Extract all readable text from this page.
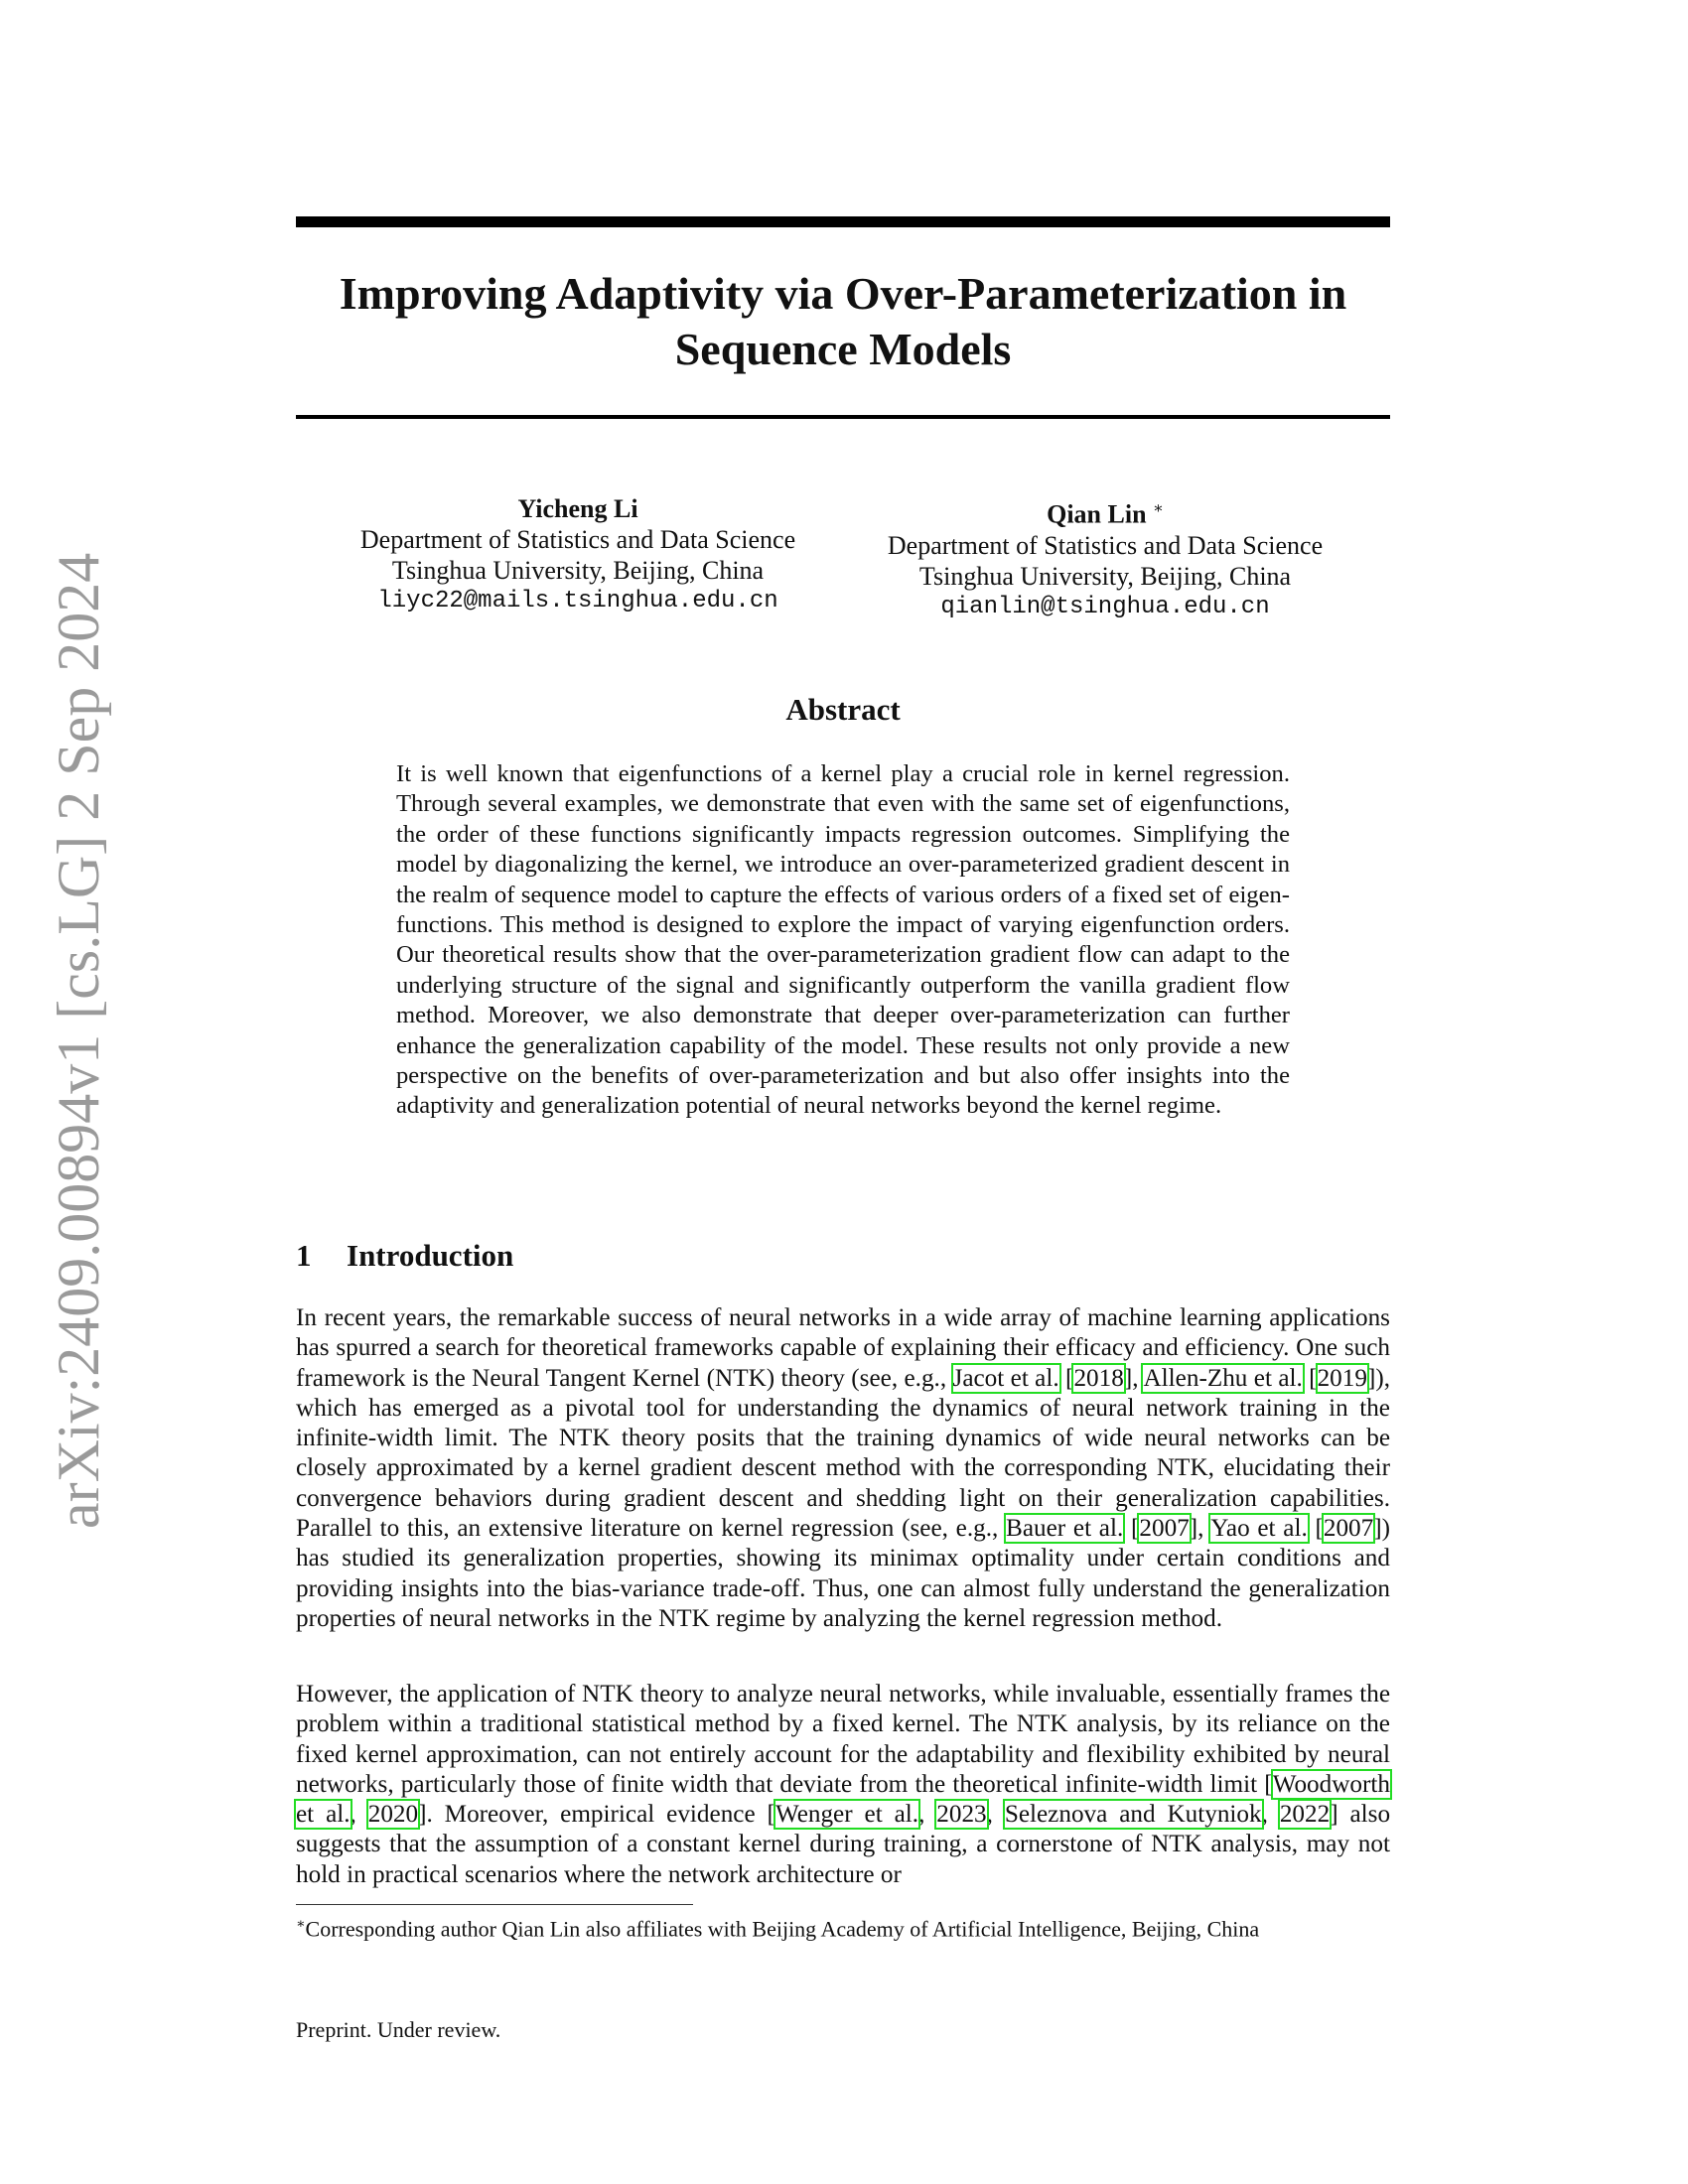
arXiv:2409.00894v1 [cs.LG] 2 Sep 2024
Improving Adaptivity via Over-Parameterization in Sequence Models
Yicheng Li
Department of Statistics and Data Science
Tsinghua University, Beijing, China
liyc22@mails.tsinghua.edu.cn
Qian Lin ∗
Department of Statistics and Data Science
Tsinghua University, Beijing, China
qianlin@tsinghua.edu.cn
Abstract

It is well known that eigenfunctions of a kernel play a crucial role in kernel regression. Through several examples, we demonstrate that even with the same set of eigenfunctions, the order of these functions significantly impacts regression outcomes. Simplifying the model by diagonalizing the kernel, we introduce an over-parameterized gradient descent in the realm of sequence model to capture the effects of various orders of a fixed set of eigen-functions. This method is designed to explore the impact of varying eigenfunction orders. Our theoretical results show that the over-parameterization gradient flow can adapt to the underlying structure of the signal and significantly outperform the vanilla gradient flow method. Moreover, we also demonstrate that deeper over-parameterization can further enhance the generalization capability of the model. These results not only provide a new perspective on the benefits of over-parameterization and but also offer insights into the adaptivity and generalization potential of neural networks beyond the kernel regime.

1 Introduction

In recent years, the remarkable success of neural networks in a wide array of machine learning applications has spurred a search for theoretical frameworks capable of explaining their efficacy and efficiency. One such framework is the Neural Tangent Kernel (NTK) theory (see, e.g., Jacot et al. [2018], Allen-Zhu et al. [2019]), which has emerged as a pivotal tool for understanding the dynamics of neural network training in the infinite-width limit. The NTK theory posits that the training dynamics of wide neural networks can be closely approximated by a kernel gradient descent method with the corresponding NTK, elucidating their convergence behaviors during gradient descent and shedding light on their generalization capabilities. Parallel to this, an extensive literature on kernel regression (see, e.g., Bauer et al. [2007], Yao et al. [2007]) has studied its generalization properties, showing its minimax optimality under certain conditions and providing insights into the bias-variance trade-off. Thus, one can almost fully understand the generalization properties of neural networks in the NTK regime by analyzing the kernel regression method.

However, the application of NTK theory to analyze neural networks, while invaluable, essentially frames the problem within a traditional statistical method by a fixed kernel. The NTK analysis, by its reliance on the fixed kernel approximation, can not entirely account for the adaptability and flexibility exhibited by neural networks, particularly those of finite width that deviate from the theoretical infinite-width limit [Woodworth et al., 2020]. Moreover, empirical evidence [Wenger et al., 2023, Seleznova and Kutyniok, 2022] also suggests that the assumption of a constant kernel during training, a cornerstone of NTK analysis, may not hold in practical scenarios where the network architecture or

∗Corresponding author Qian Lin also affiliates with Beijing Academy of Artificial Intelligence, Beijing, China

Preprint. Under review.
